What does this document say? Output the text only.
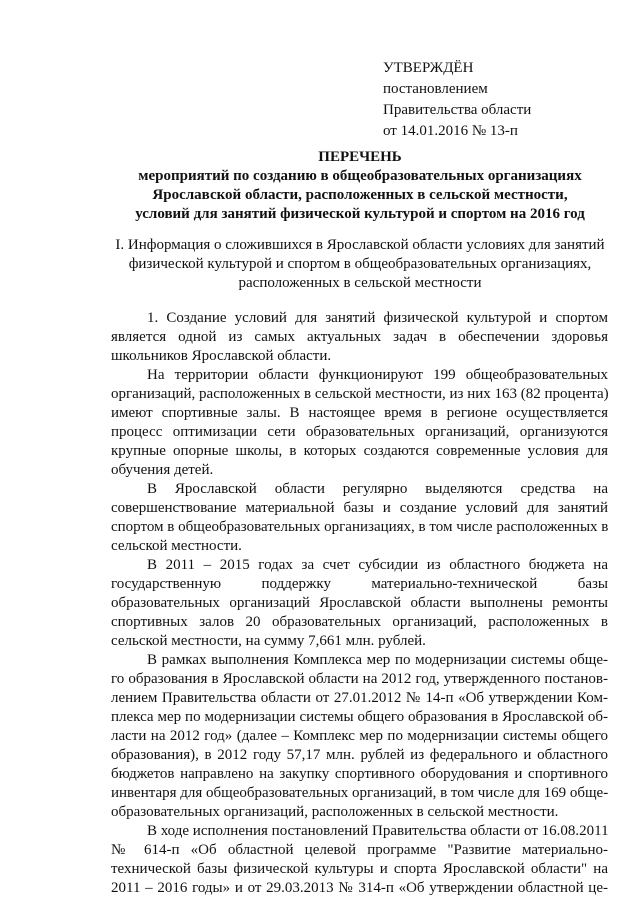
УТВЕРЖДЁН
постановлением
Правительства области
от 14.01.2016 № 13-п
ПЕРЕЧЕНЬ
мероприятий по созданию в общеобразовательных организациях
Ярославской области, расположенных в сельской местности,
условий для занятий физической культурой и спортом на 2016 год
I. Информация о сложившихся в Ярославской области условиях для занятий
физической культурой и спортом в общеобразовательных организациях,
расположенных в сельской местности
1. Создание условий для занятий физической культурой и спортом
является одной из самых актуальных задач в обеспечении здоровья
школьников Ярославской области.
На территории области функционируют 199 общеобразовательных
организаций, расположенных в сельской местности, из них 163 (82 процента)
имеют спортивные залы. В настоящее время в регионе осуществляется
процесс оптимизации сети образовательных организаций, организуются
крупные опорные школы, в которых создаются современные условия для
обучения детей.
В Ярославской области регулярно выделяются средства на
совершенствование материальной базы и создание условий для занятий
спортом в общеобразовательных организациях, в том числе расположенных в
сельской местности.
В 2011 – 2015 годах за счет субсидии из областного бюджета на
государственную поддержку материально-технической базы
образовательных организаций Ярославской области выполнены ремонты
спортивных залов 20 образовательных организаций, расположенных в
сельской местности, на сумму 7,661 млн. рублей.
В рамках выполнения Комплекса мер по модернизации системы обще-
го образования в Ярославской области на 2012 год, утвержденного постанов-
лением Правительства области от 27.01.2012 № 14-п «Об утверждении Ком-
плекса мер по модернизации системы общего образования в Ярославской об-
ласти на 2012 год» (далее – Комплекс мер по модернизации системы общего
образования), в 2012 году 57,17 млн. рублей из федерального и областного
бюджетов направлено на закупку спортивного оборудования и спортивного
инвентаря для общеобразовательных организаций, в том числе для 169 обще-
образовательных организаций, расположенных в сельской местности.
В ходе исполнения постановлений Правительства области от 16.08.2011
№ 614-п «Об областной целевой программе "Развитие материально-
технической базы физической культуры и спорта Ярославской области" на
2011 – 2016 годы» и от 29.03.2013 № 314-п «Об утверждении областной це-
